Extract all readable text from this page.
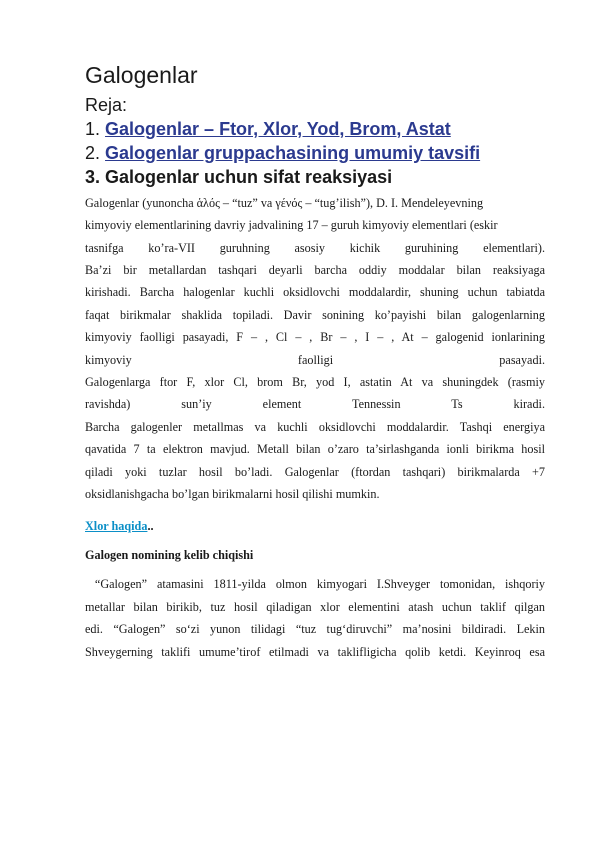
Galogenlar

Reja:

1. Galogenlar – Ftor, Xlor, Yod, Brom, Astat

2. Galogenlar gruppachasining umumiy tavsifi

3. Galogenlar uchun sifat reaksiyasi

Galogenlar (yunoncha ἁλός – “tuz” va γένός – “tug’ilish”), D. I. Mendeleyevning
kimyoviy elementlarining davriy jadvalining 17 – guruh kimyoviy elementlari (eskir
tasnifga ko’ra-VII guruhning asosiy kichik guruhining elementlari).
Ba’zi bir metallardan tashqari deyarli barcha oddiy moddalar bilan reaksiyaga
kirishadi. Barcha halogenlar kuchli oksidlovchi moddalardir, shuning uchun tabiatda
faqat birikmalar shaklida topiladi. Davir sonining ko’payishi bilan galogenlarning
kimyoviy faolligi pasayadi, F – , Cl – , Br – , I – , At – galogenid ionlarining
kimyoviy faolligi pasayadi.
Galogenlarga ftor F, xlor Cl, brom Br, yod I, astatin At va shuningdek (rasmiy
ravishda) sun’iy element Tennessin Ts kiradi.
Barcha galogenler metallmas va kuchli oksidlovchi moddalardir. Tashqi energiya
qavatida 7 ta elektron mavjud. Metall bilan o’zaro ta’sirlashganda ionli birikma hosil
qiladi yoki tuzlar hosil bo’ladi. Galogenlar (ftordan tashqari) birikmalarda +7
oksidlanishgacha bo’lgan birikmalarni hosil qilishi mumkin.

Xlor haqida..

Galogen nomining kelib chiqishi

“Galogen” atamasini 1811-yilda olmon kimyogari I.Shveyger tomonidan, ishqoriy
metallar bilan birikib, tuz hosil qiladigan xlor elementini atash uchun taklif qilgan
edi. “Galogen” so‘zi yunon tilidagi “tuz tug‘diruvchi” ma’nosini bildiradi. Lekin
Shveygerning taklifi umume’tirof etilmadi va taklifligicha qolib ketdi. Keyinroq esa
